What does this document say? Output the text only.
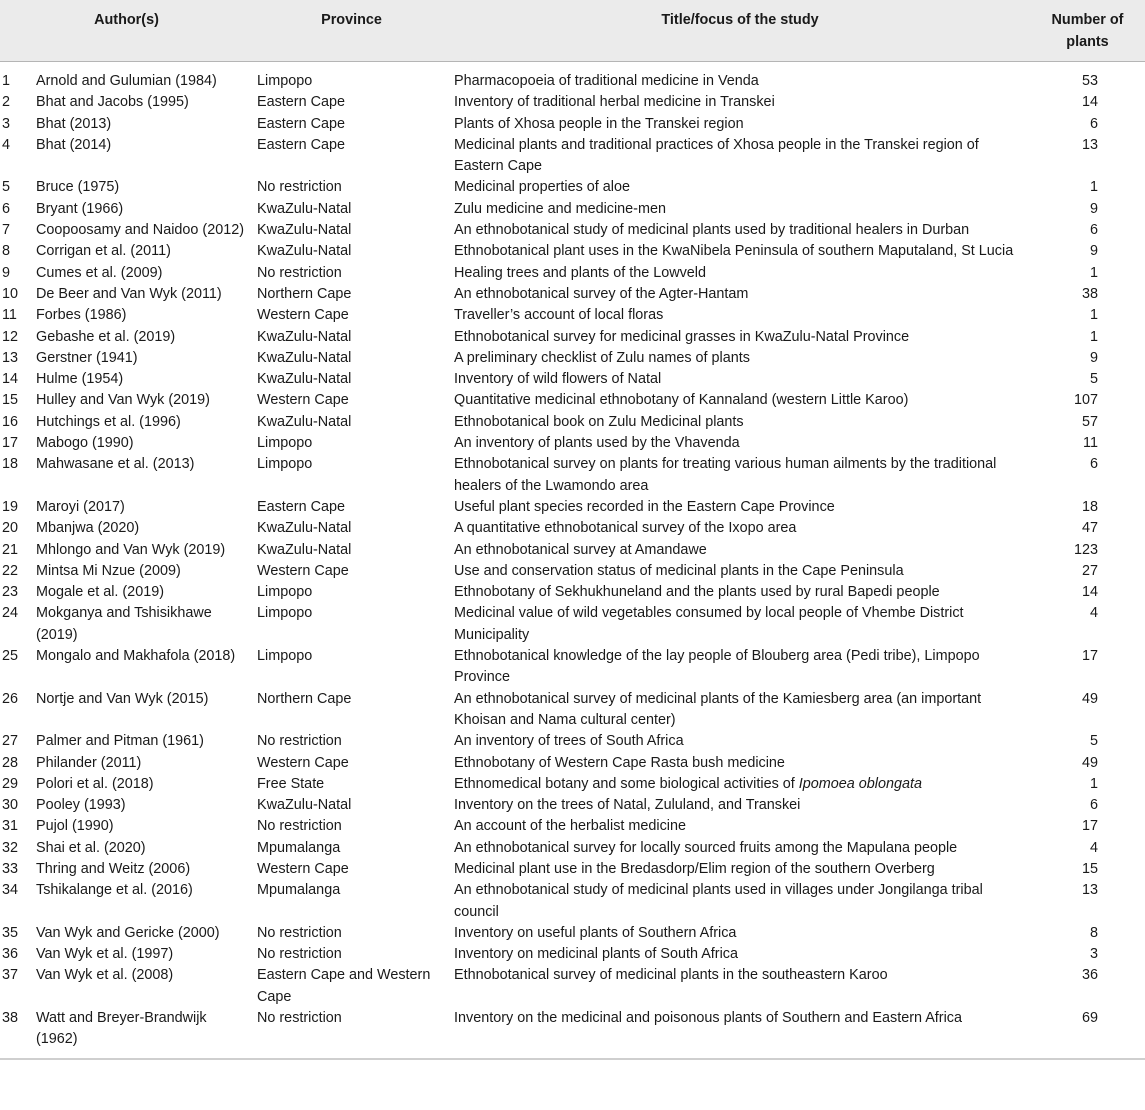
Author(s)		Province	Title/focus of the study	Number of
plants
1	Arnold and Gulumian (1984)	Limpopo	Pharmacopoeia of traditional medicine in Venda	53
2	Bhat and Jacobs (1995)	Eastern Cape	Inventory of traditional herbal medicine in Transkei	14
3	Bhat (2013)	Eastern Cape	Plants of Xhosa people in the Transkei region	6
4	Bhat (2014)	Eastern Cape	Medicinal plants and traditional practices of Xhosa people in the Transkei region of Eastern Cape	13
5	Bruce (1975)	No restriction	Medicinal properties of aloe	1
6	Bryant (1966)	KwaZulu-Natal	Zulu medicine and medicine-men	9
7	Coopoosamy and Naidoo (2012)	KwaZulu-Natal	An ethnobotanical study of medicinal plants used by traditional healers in Durban	6
8	Corrigan et al. (2011)	KwaZulu-Natal	Ethnobotanical plant uses in the KwaNibela Peninsula of southern Maputaland, St Lucia	9
9	Cumes et al. (2009)	No restriction	Healing trees and plants of the Lowveld	1
10	De Beer and Van Wyk (2011)	Northern Cape	An ethnobotanical survey of the Agter-Hantam	38
11	Forbes (1986)	Western Cape	Traveller’s account of local floras	1
12	Gebashe et al. (2019)	KwaZulu-Natal	Ethnobotanical survey for medicinal grasses in KwaZulu-Natal Province	1
13	Gerstner (1941)	KwaZulu-Natal	A preliminary checklist of Zulu names of plants	9
14	Hulme (1954)	KwaZulu-Natal	Inventory of wild flowers of Natal	5
15	Hulley and Van Wyk (2019)	Western Cape	Quantitative medicinal ethnobotany of Kannaland (western Little Karoo)	107
16	Hutchings et al. (1996)	KwaZulu-Natal	Ethnobotanical book on Zulu Medicinal plants	57
17	Mabogo (1990)	Limpopo	An inventory of plants used by the Vhavenda	11
18	Mahwasane et al. (2013)	Limpopo	Ethnobotanical survey on plants for treating various human ailments by the traditional healers of the Lwamondo area	6
19	Maroyi (2017)	Eastern Cape	Useful plant species recorded in the Eastern Cape Province	18
20	Mbanjwa (2020)	KwaZulu-Natal	A quantitative ethnobotanical survey of the Ixopo area	47
21	Mhlongo and Van Wyk (2019)	KwaZulu-Natal	An ethnobotanical survey at Amandawe	123
22	Mintsa Mi Nzue (2009)	Western Cape	Use and conservation status of medicinal plants in the Cape Peninsula	27
23	Mogale et al. (2019)	Limpopo	Ethnobotany of Sekhukhuneland and the plants used by rural Bapedi people	14
24	Mokganya and Tshisikhawe (2019)	Limpopo	Medicinal value of wild vegetables consumed by local people of Vhembe District Municipality	4
25	Mongalo and Makhafola (2018)	Limpopo	Ethnobotanical knowledge of the lay people of Blouberg area (Pedi tribe), Limpopo Province	17
26	Nortje and Van Wyk (2015)	Northern Cape	An ethnobotanical survey of medicinal plants of the Kamiesberg area (an important Khoisan and Nama cultural center)	49
27	Palmer and Pitman (1961)	No restriction	An inventory of trees of South Africa	5
28	Philander (2011)	Western Cape	Ethnobotany of Western Cape Rasta bush medicine	49
29	Polori et al. (2018)	Free State	Ethnomedical botany and some biological activities of Ipomoea oblongata	1
30	Pooley (1993)	KwaZulu-Natal	Inventory on the trees of Natal, Zululand, and Transkei	6
31	Pujol (1990)	No restriction	An account of the herbalist medicine	17
32	Shai et al. (2020)	Mpumalanga	An ethnobotanical survey for locally sourced fruits among the Mapulana people	4
33	Thring and Weitz (2006)	Western Cape	Medicinal plant use in the Bredasdorp/Elim region of the southern Overberg	15
34	Tshikalange et al. (2016)	Mpumalanga	An ethnobotanical study of medicinal plants used in villages under Jongilanga tribal council	13
35	Van Wyk and Gericke (2000)	No restriction	Inventory on useful plants of Southern Africa	8
36	Van Wyk et al. (1997)	No restriction	Inventory on medicinal plants of South Africa	3
37	Van Wyk et al. (2008)	Eastern Cape and Western Cape	Ethnobotanical survey of medicinal plants in the southeastern Karoo	36
38	Watt and Breyer-Brandwijk (1962)	No restriction	Inventory on the medicinal and poisonous plants of Southern and Eastern Africa	69
